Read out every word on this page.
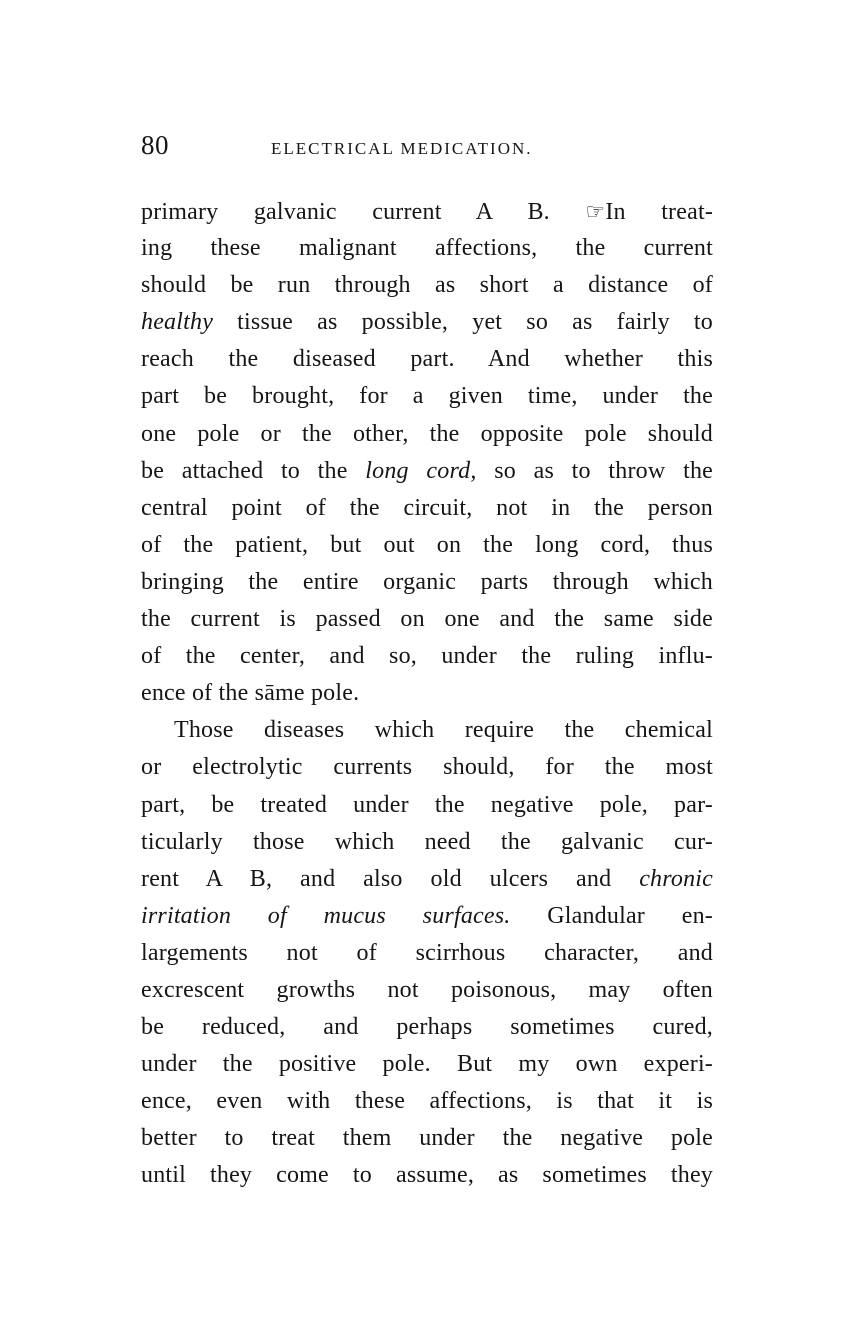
80	ELECTRICAL MEDICATION.
primary galvanic current A B. ☞In treat-
ing these malignant affections, the current
should be run through as short a distance of
healthy tissue as possible, yet so as fairly to
reach the diseased part. And whether this
part be brought, for a given time, under the
one pole or the other, the opposite pole should
be attached to the long cord, so as to throw the
central point of the circuit, not in the person
of the patient, but out on the long cord, thus
bringing the entire organic parts through which
the current is passed on one and the same side
of the center, and so, under the ruling influ-
ence of the sāme pole.
Those diseases which require the chemical
or electrolytic currents should, for the most
part, be treated under the negative pole, par-
ticularly those which need the galvanic cur-
rent A B, and also old ulcers and chronic
irritation of mucus surfaces. Glandular en-
largements not of scirrhous character, and
excrescent growths not poisonous, may often
be reduced, and perhaps sometimes cured,
under the positive pole. But my own experi-
ence, even with these affections, is that it is
better to treat them under the negative pole
until they come to assume, as sometimes they
